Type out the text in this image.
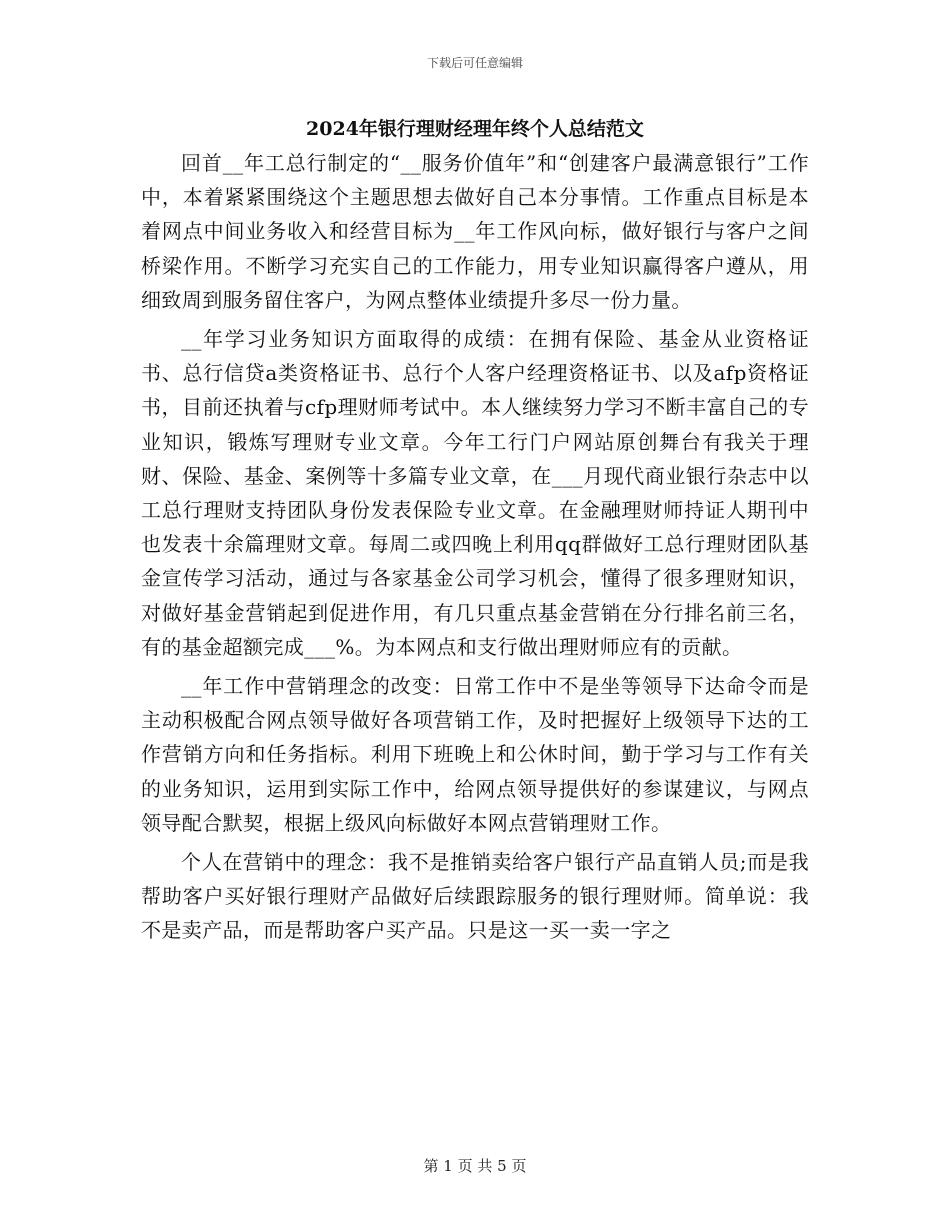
下载后可任意编辑
2024年银行理财经理年终个人总结范文

回首__年工总行制定的“__服务价值年”和“创建客户最满意银行”工作中，本着紧紧围绕这个主题思想去做好自己本分事情。工作重点目标是本着网点中间业务收入和经营目标为__年工作风向标，做好银行与客户之间桥梁作用。不断学习充实自己的工作能力，用专业知识赢得客户遵从，用细致周到服务留住客户，为网点整体业绩提升多尽一份力量。

__年学习业务知识方面取得的成绩：在拥有保险、基金从业资格证书、总行信贷a类资格证书、总行个人客户经理资格证书、以及afp资格证书，目前还执着与cfp理财师考试中。本人继续努力学习不断丰富自己的专业知识，锻炼写理财专业文章。今年工行门户网站原创舞台有我关于理财、保险、基金、案例等十多篇专业文章，在___月现代商业银行杂志中以工总行理财支持团队身份发表保险专业文章。在金融理财师持证人期刊中也发表十余篇理财文章。每周二或四晚上利用qq群做好工总行理财团队基金宣传学习活动，通过与各家基金公司学习机会，懂得了很多理财知识，对做好基金营销起到促进作用，有几只重点基金营销在分行排名前三名，有的基金超额完成___%。为本网点和支行做出理财师应有的贡献。

__年工作中营销理念的改变：日常工作中不是坐等领导下达命令而是主动积极配合网点领导做好各项营销工作，及时把握好上级领导下达的工作营销方向和任务指标。利用下班晚上和公休时间，勤于学习与工作有关的业务知识，运用到实际工作中，给网点领导提供好的参谋建议，与网点领导配合默契，根据上级风向标做好本网点营销理财工作。

个人在营销中的理念：我不是推销卖给客户银行产品直销人员;而是我帮助客户买好银行理财产品做好后续跟踪服务的银行理财师。简单说：我不是卖产品，而是帮助客户买产品。只是这一买一卖一字之

第 1 页 共 5 页
